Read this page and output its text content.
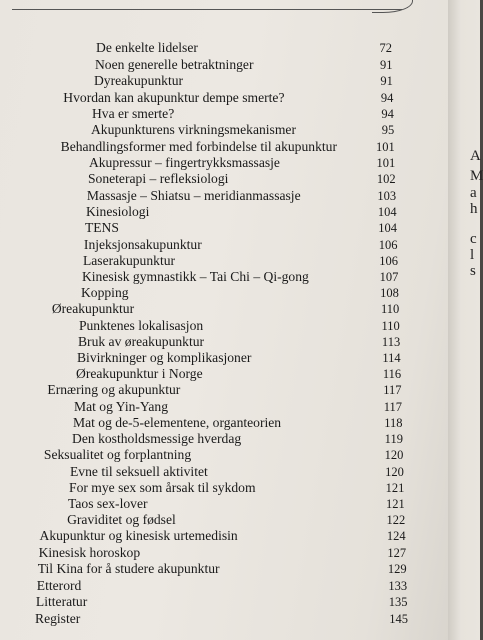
De enkelte lidelser	72
Noen generelle betraktninger	91
Dyreakupunktur	91
Hvordan kan akupunktur dempe smerte?	94
Hva er smerte?	94
Akupunkturens virkningsmekanismer	95
Behandlingsformer med forbindelse til akupunktur	101
Akupressur – fingertrykksmassasje	101
Soneterapi – refleksiologi	102
Massasje – Shiatsu – meridianmassasje	103
Kinesiologi	104
TENS	104
Injeksjonsakupunktur	106
Laserakupunktur	106
Kinesisk gymnastikk – Tai Chi – Qi-gong	107
Kopping	108
Øreakupunktur	110
Punktenes lokalisasjon	110
Bruk av øreakupunktur	113
Bivirkninger og komplikasjoner	114
Øreakupunktur i Norge	116
Ernæring og akupunktur	117
Mat og Yin-Yang	117
Mat og de-5-elementene, organteorien	118
Den kostholdsmessige hverdag	119
Seksualitet og forplantning	120
Evne til seksuell aktivitet	120
For mye sex som årsak til sykdom	121
Taos sex-lover	121
Graviditet og fødsel	122
Akupunktur og kinesisk urtemedisin	124
Kinesisk horoskop	127
Til Kina for å studere akupunktur	129
Etterord	133
Litteratur	135
Register	145
A
M
a
h
c
l
s
